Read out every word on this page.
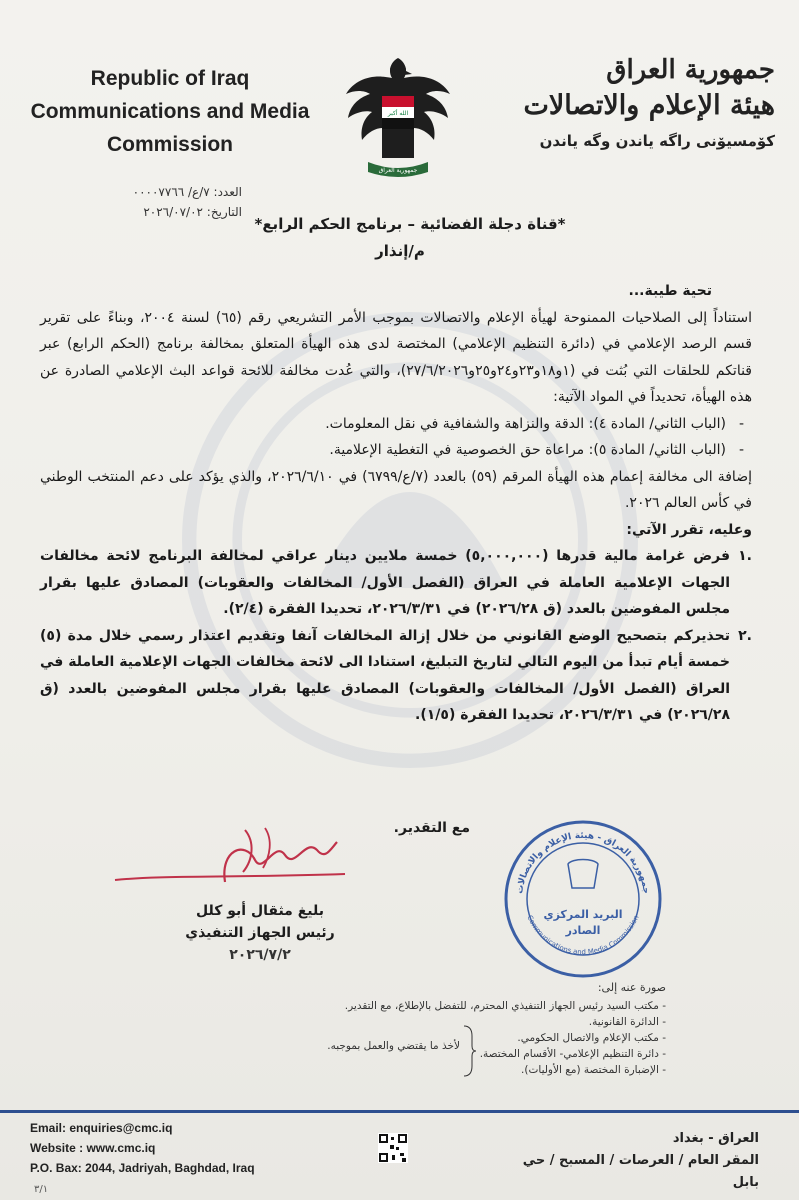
Republic of Iraq
Communications and Media
Commission
الله أكبر
جمهورية العراق
جمهورية العراق
هيئة الإعلام والاتصالات
كۆمسيۆنى راگە ياندن وگە ياندن
العدد: ٧/ع/ ٠٠٠٠٧٧٦٦
التاريخ: ٢٠٢٦/٠٧/٠٢
*قناة دجلة الفضائية – برنامج الحكم الرابع*
م/إنذار

تحية طيبة...

استناداً إلى الصلاحيات الممنوحة لهيأة الإعلام والاتصالات بموجب الأمر التشريعي رقم (٦٥) لسنة ٢٠٠٤، وبناءً على تقرير قسم الرصد الإعلامي في (دائرة التنظيم الإعلامي) المختصة لدى هذه الهيأة المتعلق بمخالفة برنامج (الحكم الرابع) عبر قناتكم للحلقات التي بُثت في (١و١٨و٢٣و٢٤و٢٥و٢٧/٦/٢٠٢٦)، والتي عُدت مخالفة للائحة قواعد البث الإعلامي الصادرة عن هذه الهيأة، تحديداً في المواد الآتية:

- (الباب الثاني/ المادة ٤): الدقة والنزاهة والشفافية في نقل المعلومات.

- (الباب الثاني/ المادة ٥): مراعاة حق الخصوصية في التغطية الإعلامية.

إضافة الى مخالفة إعمام هذه الهيأة المرقم (٥٩) بالعدد (٧/ع/٦٧٩٩) في ٢٠٢٦/٦/١٠، والذي يؤكد على دعم المنتخب الوطني في كأس العالم ٢٠٢٦.

وعليه، تقرر الآتي:

.١
فرض غرامة مالية قدرها (٥,٠٠٠,٠٠٠) خمسة ملايين دينار عراقي لمخالفة البرنامج لائحة مخالفات الجهات الإعلامية العاملة في العراق (الفصل الأول/ المخالفات والعقوبات) المصادق عليها بقرار مجلس المفوضين بالعدد (ق ٢٠٢٦/٢٨) في ٢٠٢٦/٣/٣١، تحديدا الفقرة (٢/٤).

.٢
تحذيركم بتصحيح الوضع القانوني من خلال إزالة المخالفات آنفا وتقديم اعتذار رسمي خلال مدة (٥) خمسة أيام تبدأ من اليوم التالي لتاريخ التبليغ، استنادا الى لائحة مخالفات الجهات الإعلامية العاملة في العراق (الفصل الأول/ المخالفات والعقوبات) المصادق عليها بقرار مجلس المفوضين بالعدد (ق ٢٠٢٦/٢٨) في ٢٠٢٦/٣/٣١، تحديدا الفقرة (١/٥).

مع التقدير.
بليغ مثقال أبو كلل
رئيس الجهاز التنفيذي
٢٠٢٦/٧/٢
جمهورية العراق - هيئة الإعلام والاتصالات
Communications and Media Commission
البريد المركزي
الصادر
صورة عنه إلى:
- مكتب السيد رئيس الجهاز التنفيذي المحترم، للتفضل بالإطلاع، مع التقدير.
- الدائرة القانونية.
- مكتب الإعلام والاتصال الحكومي.
- دائرة التنظيم الإعلامي- الأقسام المختصة.
- الإضبارة المختصة (مع الأوليات).
لأخذ ما يقتضي والعمل بموجبه.
Email: enquiries@cmc.iq
Website : www.cmc.iq
P.O. Bax: 2044, Jadriyah, Baghdad, Iraq
العراق - بغداد
المقر العام / العرصات / المسبح / حي بابل
٣/١
